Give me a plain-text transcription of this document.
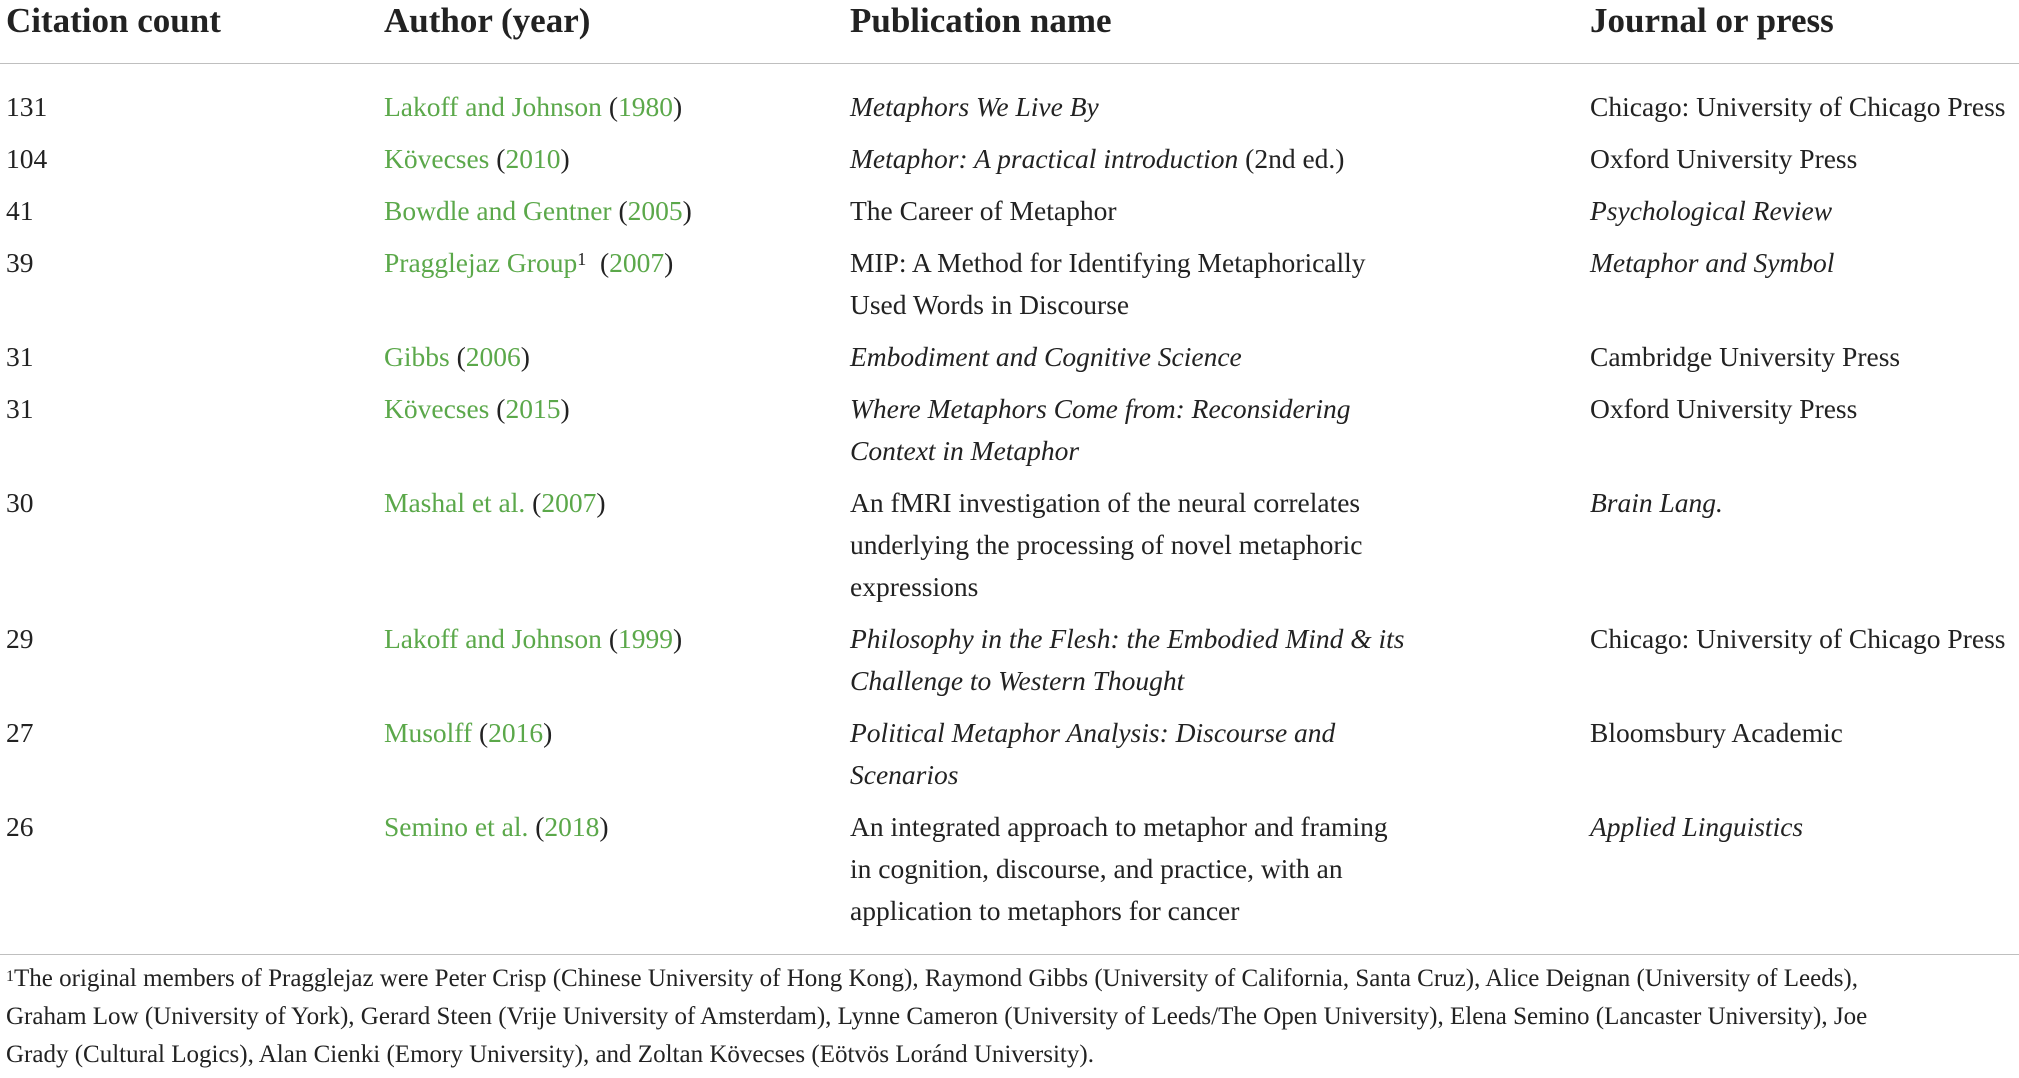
Citation count	Author (year)	Publication name	Journal or press
131	Lakoff and Johnson (1980)	Metaphors We Live By	Chicago: University of Chicago Press
104	Kövecses (2010)	Metaphor: A practical introduction (2nd ed.)	Oxford University Press
41	Bowdle and Gentner (2005)	The Career of Metaphor	Psychological Review
39	Pragglejaz Group$^1$ (2007)	MIP: A Method for Identifying Metaphorically
Used Words in Discourse	Metaphor and Symbol
31	Gibbs (2006)	Embodiment and Cognitive Science	Cambridge University Press
31	Kövecses (2015)	Where Metaphors Come from: Reconsidering
Context in Metaphor	Oxford University Press
30	Mashal et al. (2007)	An fMRI investigation of the neural correlates
underlying the processing of novel metaphoric
expressions	Brain Lang.
29	Lakoff and Johnson (1999)	Philosophy in the Flesh: the Embodied Mind & its
Challenge to Western Thought	Chicago: University of Chicago Press
27	Musolff (2016)	Political Metaphor Analysis: Discourse and
Scenarios	Bloomsbury Academic
26	Semino et al. (2018)	An integrated approach to metaphor and framing
in cognition, discourse, and practice, with an
application to metaphors for cancer	Applied Linguistics
$^1$The original members of Pragglejaz were Peter Crisp (Chinese University of Hong Kong), Raymond Gibbs (University of California, Santa Cruz), Alice Deignan (University of Leeds),
Graham Low (University of York), Gerard Steen (Vrije University of Amsterdam), Lynne Cameron (University of Leeds/The Open University), Elena Semino (Lancaster University), Joe
Grady (Cultural Logics), Alan Cienki (Emory University), and Zoltan Kövecses (Eötvös Loránd University).
